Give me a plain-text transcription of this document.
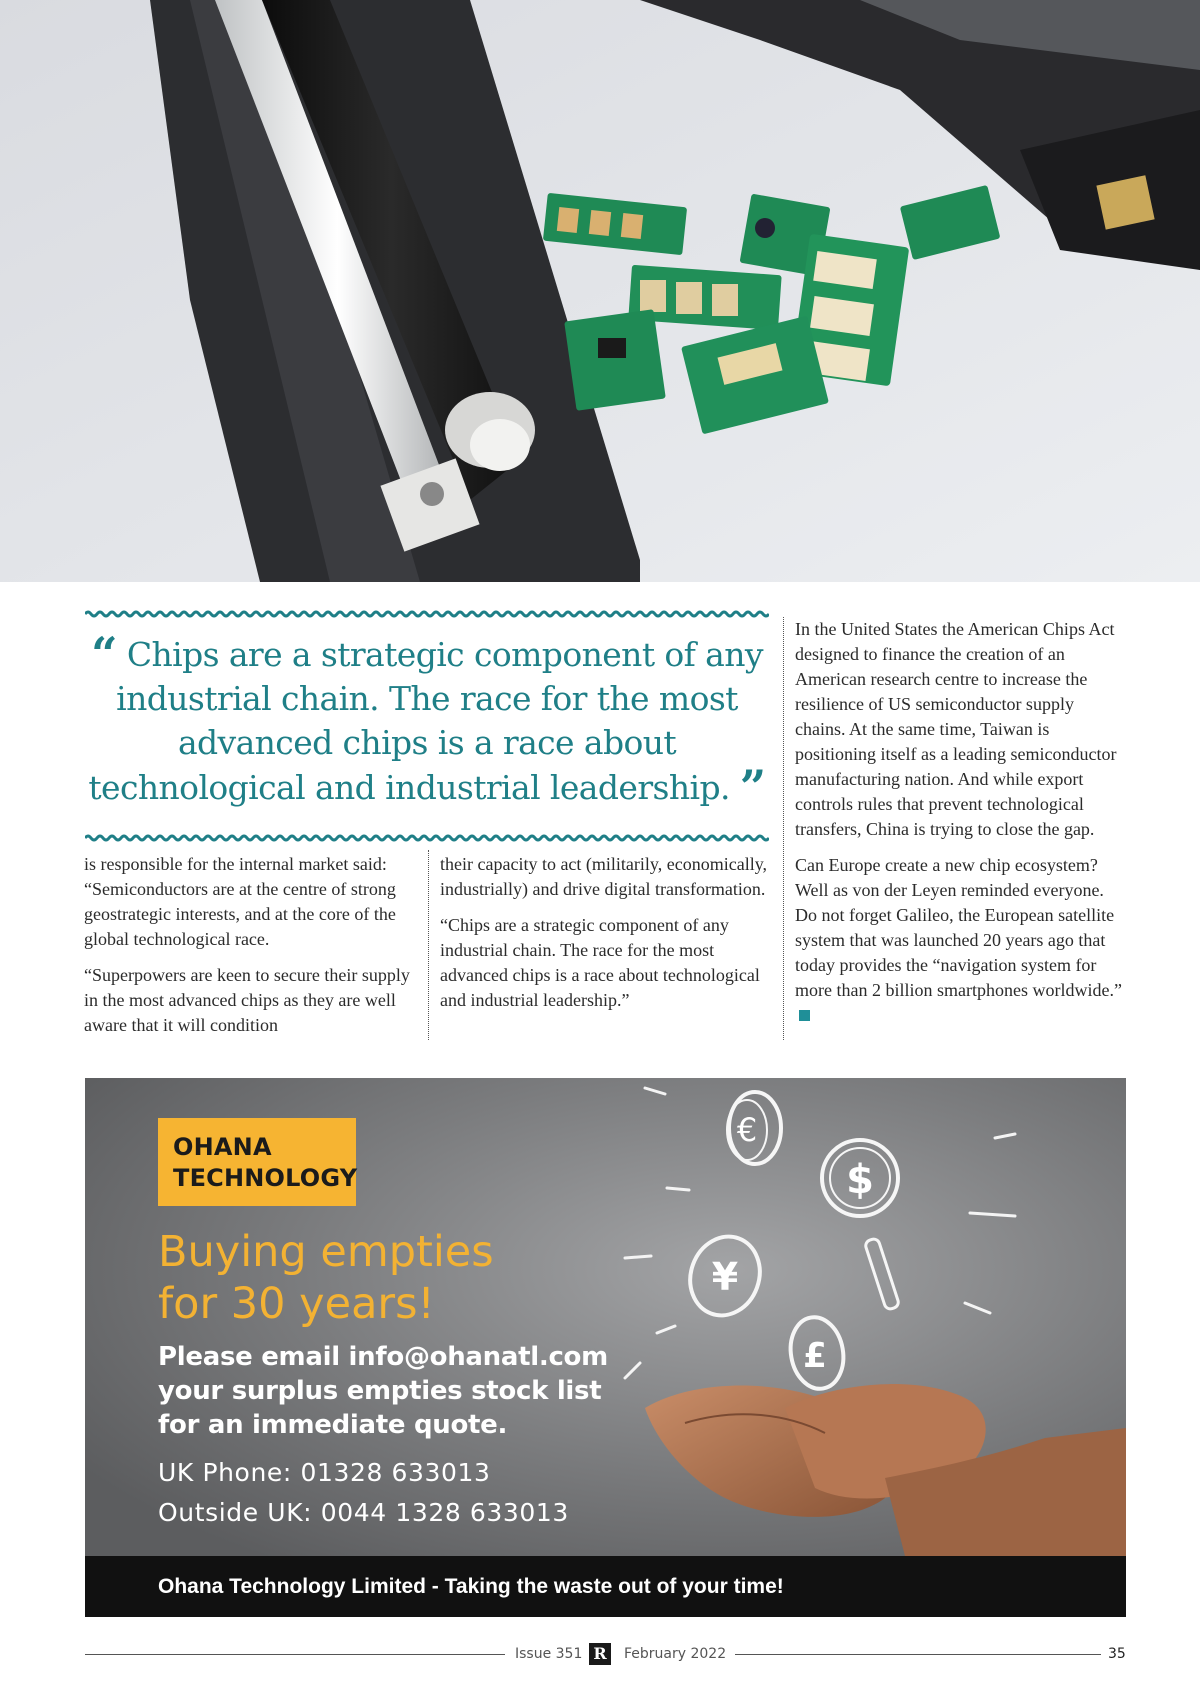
“ Chips are a strategic component of any industrial chain. The race for the most advanced chips is a race about technological and industrial leadership. ”

is responsible for the internal market said: “Semiconductors are at the centre of strong geostrategic interests, and at the core of the global technological race.

“Superpowers are keen to secure their supply in the most advanced chips as they are well aware that it will condition

their capacity to act (militarily, economically, industrially) and drive digital transformation.

“Chips are a strategic component of any industrial chain. The race for the most advanced chips is a race about technological and industrial leadership.”

In the United States the American Chips Act designed to finance the creation of an American research centre to increase the resilience of US semiconductor supply chains. At the same time, Taiwan is positioning itself as a leading semiconductor manufacturing nation. And while export controls rules that prevent technological transfers, China is trying to close the gap.

Can Europe create a new chip ecosystem? Well as von der Leyen reminded everyone. Do not forget Galileo, the European satellite system that was launched 20 years ago that today provides the “navigation system for more than 2 billion smartphones worldwide.”

€
$
¥
£
OHANA
TECHNOLOGY
Buying empties
for 30 years!
Please email info@ohanatl.com
your surplus empties stock list
for an immediate quote.
UK Phone: 01328 633013
Outside UK: 0044 1328 633013
Ohana Technology Limited - Taking the waste out of your time!
Issue 351 R	February 2022	35
